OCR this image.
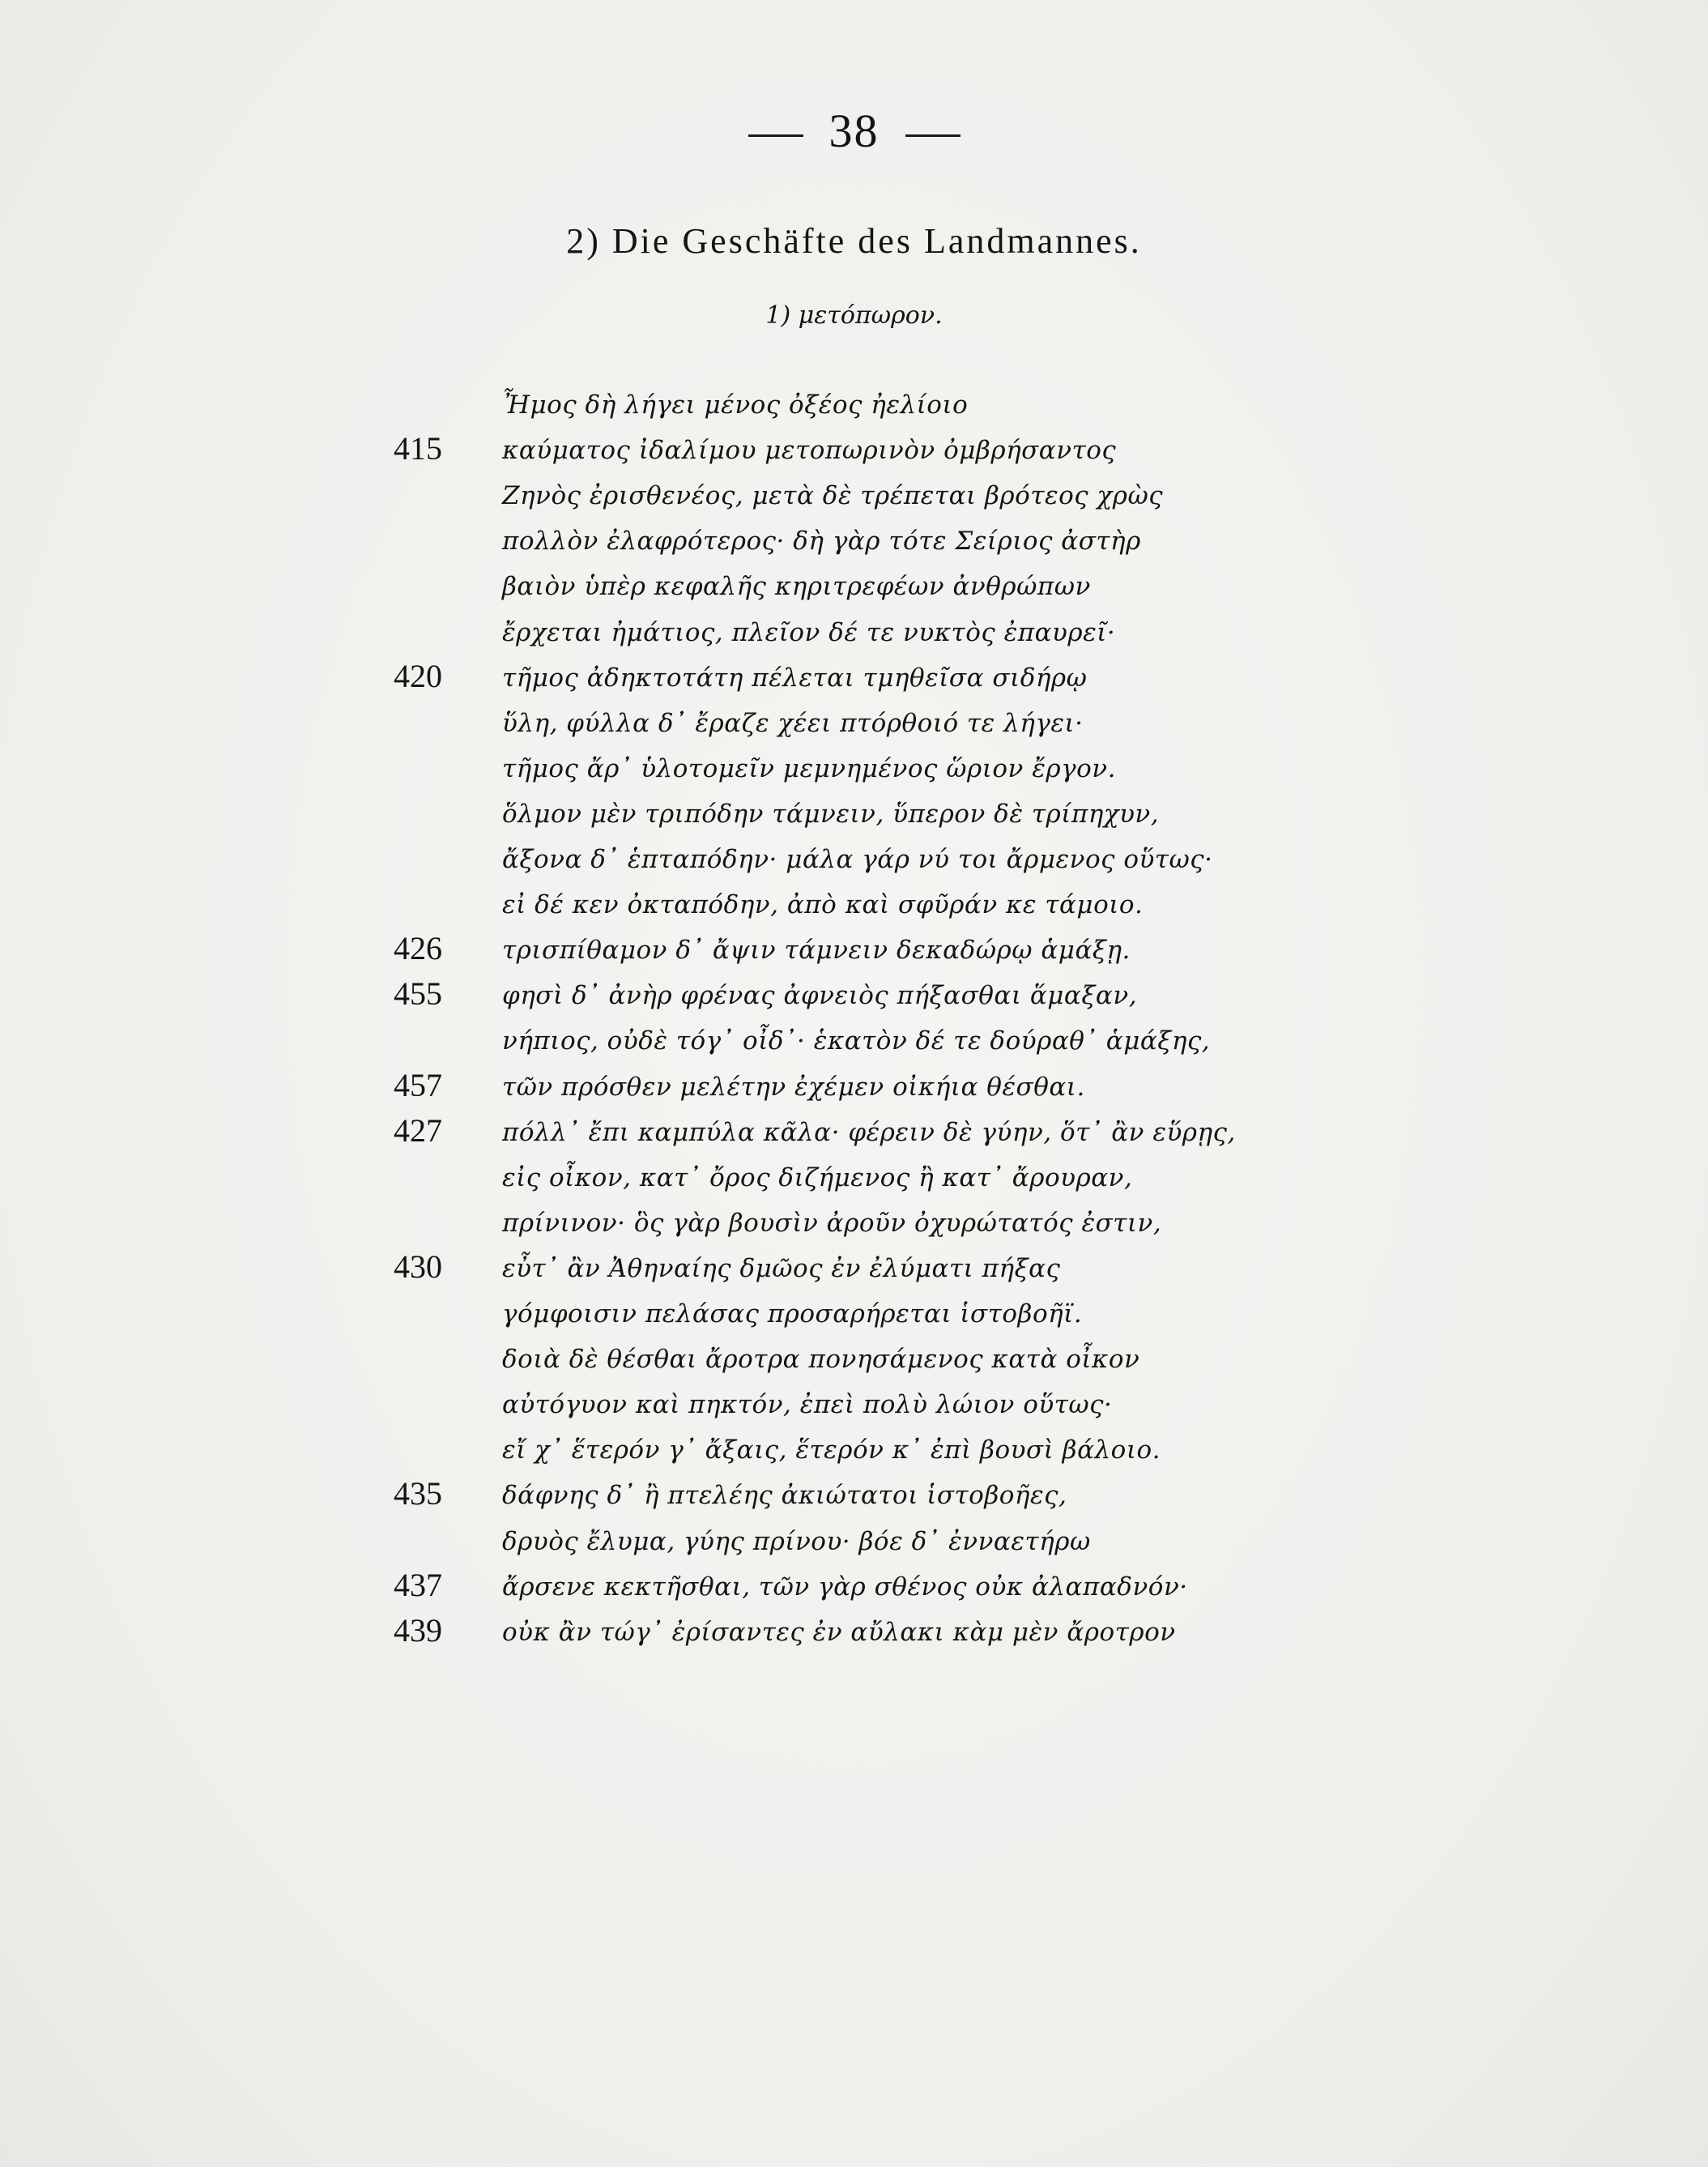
38
2) Die Geschäfte des Landmannes.
1) μετόπωρον.
Ἦμος δὴ λήγει μένος ὀξέος ἠελίοιο
415 καύματος ἰδαλίμου μετοπωρινὸν ὀμβρήσαντος
Ζηνὸς ἐρισθενέος, μετὰ δὲ τρέπεται βρότεος χρὼς
πολλὸν ἐλαφρότερος· δὴ γὰρ τότε Σείριος ἀστὴρ
βαιὸν ὑπὲρ κεφαλῆς κηριτρεφέων ἀνθρώπων
ἔρχεται ἠμάτιος, πλεῖον δέ τε νυκτὸς ἐπαυρεῖ·
420 τῆμος ἀδηκτοτάτη πέλεται τμηθεῖσα σιδήρῳ
ὕλη, φύλλα δ᾽ ἔραζε χέει πτόρθοιό τε λήγει·
τῆμος ἄρ᾽ ὑλοτομεῖν μεμνημένος ὥριον ἔργον.
ὅλμον μὲν τριπόδην τάμνειν, ὕπερον δὲ τρίπηχυν,
ἄξονα δ᾽ ἑπταπόδην· μάλα γάρ νύ τοι ἄρμενος οὕτως·
εἰ δέ κεν ὀκταπόδην, ἀπὸ καὶ σφῦράν κε τάμοιο.
426 τρισπίθαμον δ᾽ ἄψιν τάμνειν δεκαδώρῳ ἁμάξῃ.
455 φησὶ δ᾽ ἀνὴρ φρένας ἀφνειὸς πήξασθαι ἅμαξαν,
νήπιος, οὐδὲ τόγ᾽ οἶδ᾽· ἑκατὸν δέ τε δούραθ᾽ ἁμάξης,
457 τῶν πρόσθεν μελέτην ἐχέμεν οἰκήια θέσθαι.
427 πόλλ᾽ ἔπι καμπύλα κᾶλα· φέρειν δὲ γύην, ὅτ᾽ ἂν εὕρῃς,
εἰς οἶκον, κατ᾽ ὄρος διζήμενος ἢ κατ᾽ ἄρουραν,
πρίνινον· ὃς γὰρ βουσὶν ἀροῦν ὀχυρώτατός ἐστιν,
430 εὖτ᾽ ἂν Ἀθηναίης δμῶος ἐν ἐλύματι πήξας
γόμφοισιν πελάσας προσαρήρεται ἱστοβοῆϊ.
δοιὰ δὲ θέσθαι ἄροτρα πονησάμενος κατὰ οἶκον
αὐτόγυον καὶ πηκτόν, ἐπεὶ πολὺ λώιον οὕτως·
εἴ χ᾽ ἕτερόν γ᾽ ἄξαις, ἕτερόν κ᾽ ἐπὶ βουσὶ βάλοιο.
435 δάφνης δ᾽ ἢ πτελέης ἀκιώτατοι ἱστοβοῆες,
δρυὸς ἔλυμα, γύης πρίνου· βόε δ᾽ ἐνναετήρω
437 ἄρσενε κεκτῆσθαι, τῶν γὰρ σθένος οὐκ ἀλαπαδνόν·
439 οὐκ ἂν τώγ᾽ ἐρίσαντες ἐν αὔλακι κὰμ μὲν ἄροτρον
